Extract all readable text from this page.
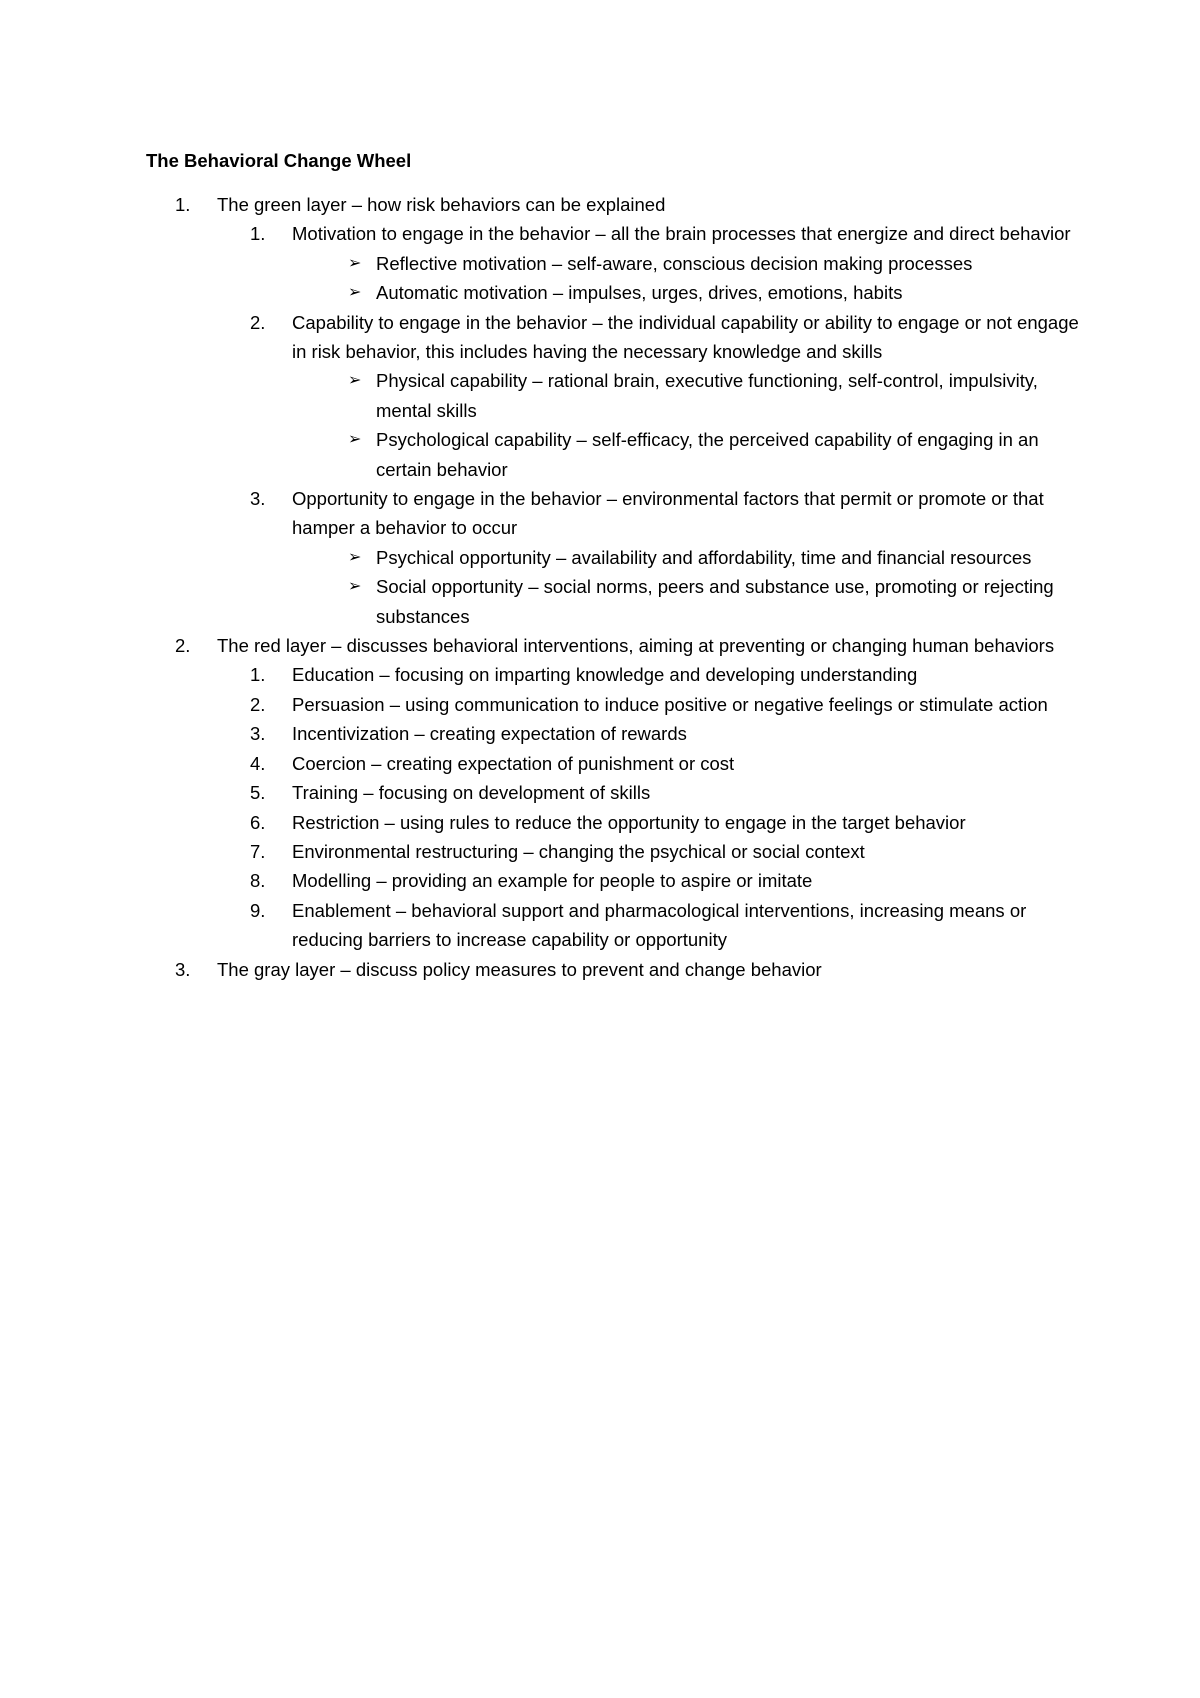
The Behavioral Change Wheel
1. The green layer – how risk behaviors can be explained
1. Motivation to engage in the behavior – all the brain processes that energize and direct behavior
➢ Reflective motivation – self-aware, conscious decision making processes
➢ Automatic motivation – impulses, urges, drives, emotions, habits
2. Capability to engage in the behavior – the individual capability or ability to engage or not engage in risk behavior, this includes having the necessary knowledge and skills
➢ Physical capability – rational brain, executive functioning, self-control, impulsivity, mental skills
➢ Psychological capability – self-efficacy, the perceived capability of engaging in an certain behavior
3. Opportunity to engage in the behavior – environmental factors that permit or promote or that hamper a behavior to occur
➢ Psychical opportunity – availability and affordability, time and financial resources
➢ Social opportunity – social norms, peers and substance use, promoting or rejecting substances
2. The red layer – discusses behavioral interventions, aiming at preventing or changing human behaviors
1. Education – focusing on imparting knowledge and developing understanding
2. Persuasion – using communication to induce positive or negative feelings or stimulate action
3. Incentivization – creating expectation of rewards
4. Coercion – creating expectation of punishment or cost
5. Training – focusing on development of skills
6. Restriction – using rules to reduce the opportunity to engage in the target behavior
7. Environmental restructuring – changing the psychical or social context
8. Modelling – providing an example for people to aspire or imitate
9. Enablement – behavioral support and pharmacological interventions, increasing means or reducing barriers to increase capability or opportunity
3. The gray layer – discuss policy measures to prevent and change behavior
